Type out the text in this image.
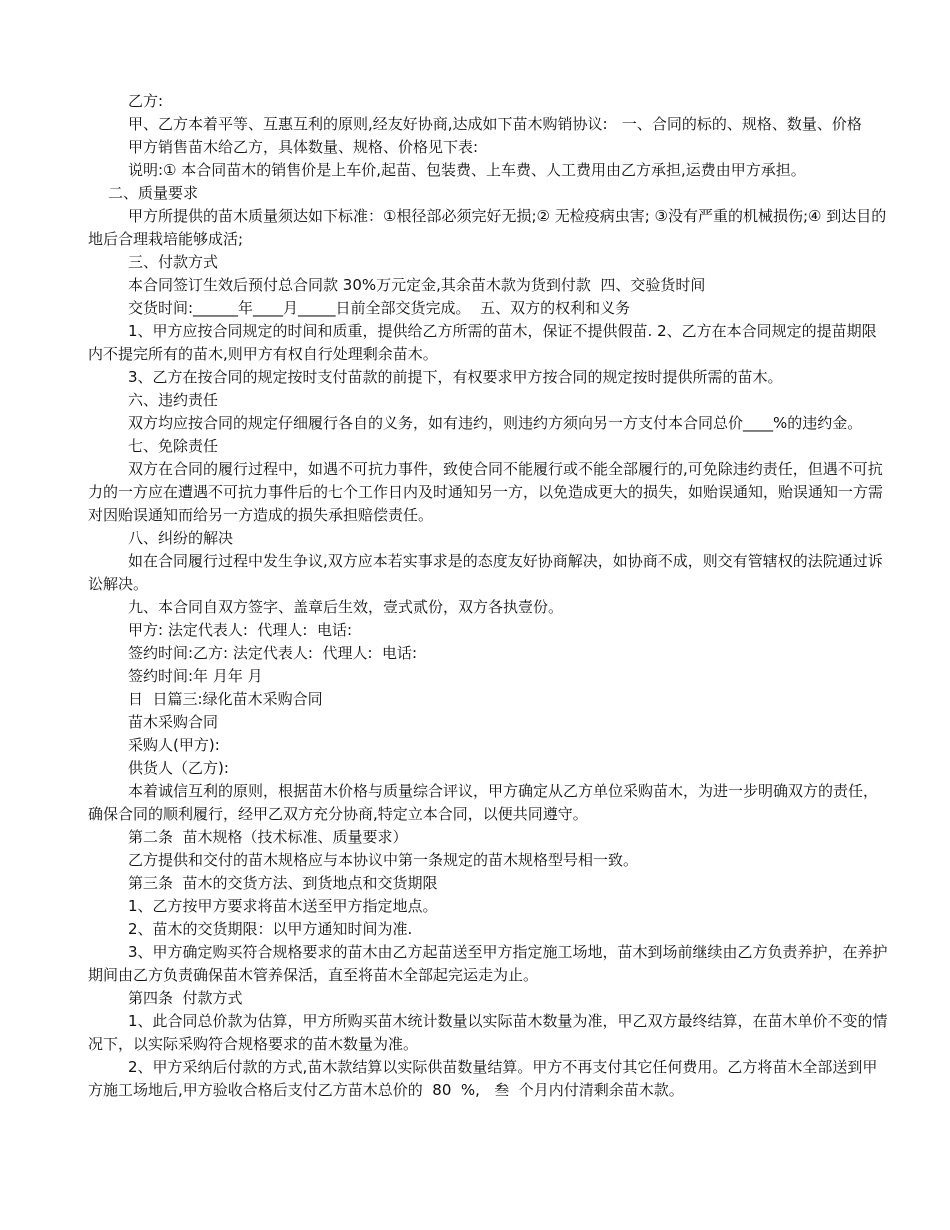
乙方:

甲、乙方本着平等、互惠互利的原则,经友好协商,达成如下苗木购销协议:   一、合同的标的、规格、数量、价格

甲方销售苗木给乙方，具体数量、规格、价格见下表:

说明:① 本合同苗木的销售价是上车价,起苗、包装费、上车费、人工费用由乙方承担,运费由甲方承担。

二、质量要求

甲方所提供的苗木质量须达如下标准：①根径部必须完好无损;② 无检疫病虫害; ③没有严重的机械损伤;④ 到达目的地后合理栽培能够成活;

三、付款方式

本合同签订生效后预付总合同款 30%万元定金,其余苗木款为货到付款  四、交验货时间

交货时间:______年____月_____日前全部交货完成。  五、双方的权利和义务

1、甲方应按合同规定的时间和质重，提供给乙方所需的苗木，保证不提供假苗. 2、乙方在本合同规定的提苗期限内不提完所有的苗木,则甲方有权自行处理剩余苗木。

3、乙方在按合同的规定按时支付苗款的前提下，有权要求甲方按合同的规定按时提供所需的苗木。

六、违约责任

双方均应按合同的规定仔细履行各自的义务，如有违约，则违约方须向另一方支付本合同总价____%的违约金。

七、免除责任

双方在合同的履行过程中，如遇不可抗力事件，致使合同不能履行或不能全部履行的,可免除违约责任，但遇不可抗力的一方应在遭遇不可抗力事件后的七个工作日内及时通知另一方，以免造成更大的损失，如贻误通知，贻误通知一方需对因贻误通知而给另一方造成的损失承担赔偿责任。

八、纠纷的解决

如在合同履行过程中发生争议,双方应本若实事求是的态度友好协商解决，如协商不成，则交有管辖权的法院通过诉讼解决。

九、本合同自双方签字、盖章后生效，壹式贰份，双方各执壹份。

甲方: 法定代表人:  代理人:  电话:

签约时间:乙方: 法定代表人:  代理人:  电话:

签约时间:年 月年 月

日  日篇三:绿化苗木采购合同

苗木采购合同

采购人(甲方):

供货人（乙方):

本着诚信互利的原则，根据苗木价格与质量综合评议，甲方确定从乙方单位采购苗木，为进一步明确双方的责任，确保合同的顺利履行，经甲乙双方充分协商,特定立本合同，以便共同遵守。

第二条  苗木规格（技术标准、质量要求）

乙方提供和交付的苗木规格应与本协议中第一条规定的苗木规格型号相一致。

第三条  苗木的交货方法、到货地点和交货期限

1、乙方按甲方要求将苗木送至甲方指定地点。

2、苗木的交货期限：以甲方通知时间为准.

3、甲方确定购买符合规格要求的苗木由乙方起苗送至甲方指定施工场地，苗木到场前继续由乙方负责养护，在养护期间由乙方负责确保苗木管养保活，直至将苗木全部起完运走为止。

第四条  付款方式

1、此合同总价款为估算，甲方所购买苗木统计数量以实际苗木数量为准，甲乙双方最终结算，在苗木单价不变的情况下，以实际采购符合规格要求的苗木数量为准。

2、甲方采纳后付款的方式,苗木款结算以实际供苗数量结算。甲方不再支付其它任何费用。乙方将苗木全部送到甲方施工场地后,甲方验收合格后支付乙方苗木总价的  80  %,   叁  个月内付清剩余苗木款。
